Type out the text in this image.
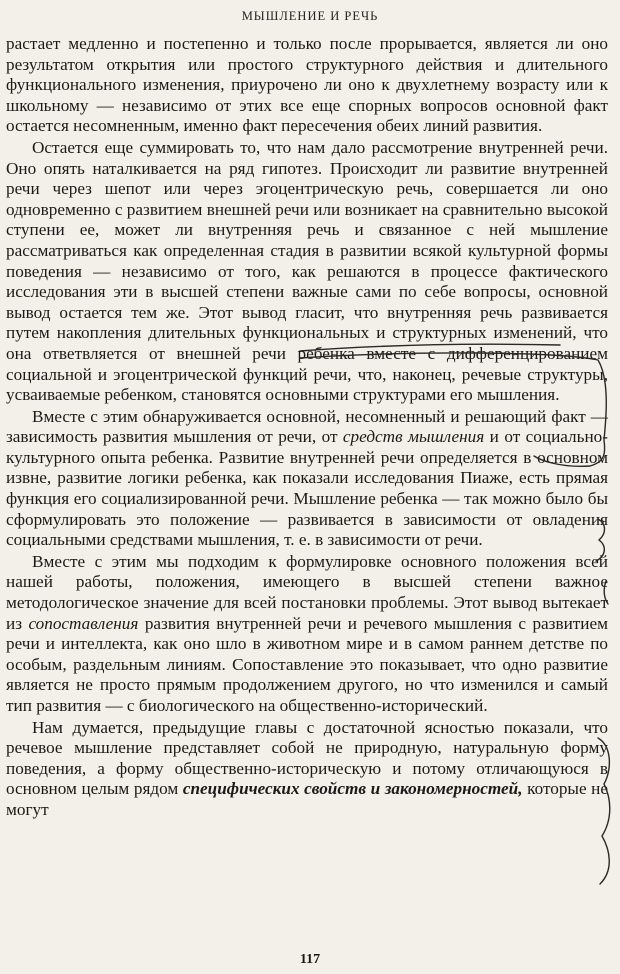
МЫШЛЕНИЕ И РЕЧЬ

растает медленно и постепенно и только после прорывается, является ли оно результатом открытия или простого структурного действия и длительного функционального изменения, приурочено ли оно к двухлетнему возрасту или к школьному — независимо от этих все еще спорных вопросов основной факт остается несомненным, именно факт пересечения обеих линий развития.

Остается еще суммировать то, что нам дало рассмотрение внутренней речи. Оно опять наталкивается на ряд гипотез. Происходит ли развитие внутренней речи через шепот или через эгоцентрическую речь, совершается ли оно одновременно с развитием внешней речи или возникает на сравнительно высокой ступени ее, может ли внутренняя речь и связанное с ней мышление рассматриваться как определенная стадия в развитии всякой культурной формы поведения — независимо от того, как решаются в процессе фактического исследования эти в высшей степени важные сами по себе вопросы, основной вывод остается тем же. Этот вывод гласит, что внутренняя речь развивается путем накопления длительных функциональных и структурных изменений, что она ответвляется от внешней речи ребенка вместе с дифференцированием социальной и эгоцентрической функций речи, что, наконец, речевые структуры, усваиваемые ребенком, становятся основными структурами его мышления.

Вместе с этим обнаруживается основной, несомненный и решающий факт — зависимость развития мышления от речи, от средств мышления и от социально-культурного опыта ребенка. Развитие внутренней речи определяется в основном извне, развитие логики ребенка, как показали исследования Пиаже, есть прямая функция его социализированной речи. Мышление ребенка — так можно было бы сформулировать это положение — развивается в зависимости от овладения социальными средствами мышления, т. е. в зависимости от речи.

Вместе с этим мы подходим к формулировке основного положения всей нашей работы, положения, имеющего в высшей степени важное методологическое значение для всей постановки проблемы. Этот вывод вытекает из сопоставления развития внутренней речи и речевого мышления с развитием речи и интеллекта, как оно шло в животном мире и в самом раннем детстве по особым, раздельным линиям. Сопоставление это показывает, что одно развитие является не просто прямым продолжением другого, но что изменился и самый тип развития — с биологического на общественно-исторический.

Нам думается, предыдущие главы с достаточной ясностью показали, что речевое мышление представляет собой не природную, натуральную форму поведения, а форму общественно-историческую и потому отличающуюся в основном целым рядом специфических свойств и закономерностей, которые не могут

117
